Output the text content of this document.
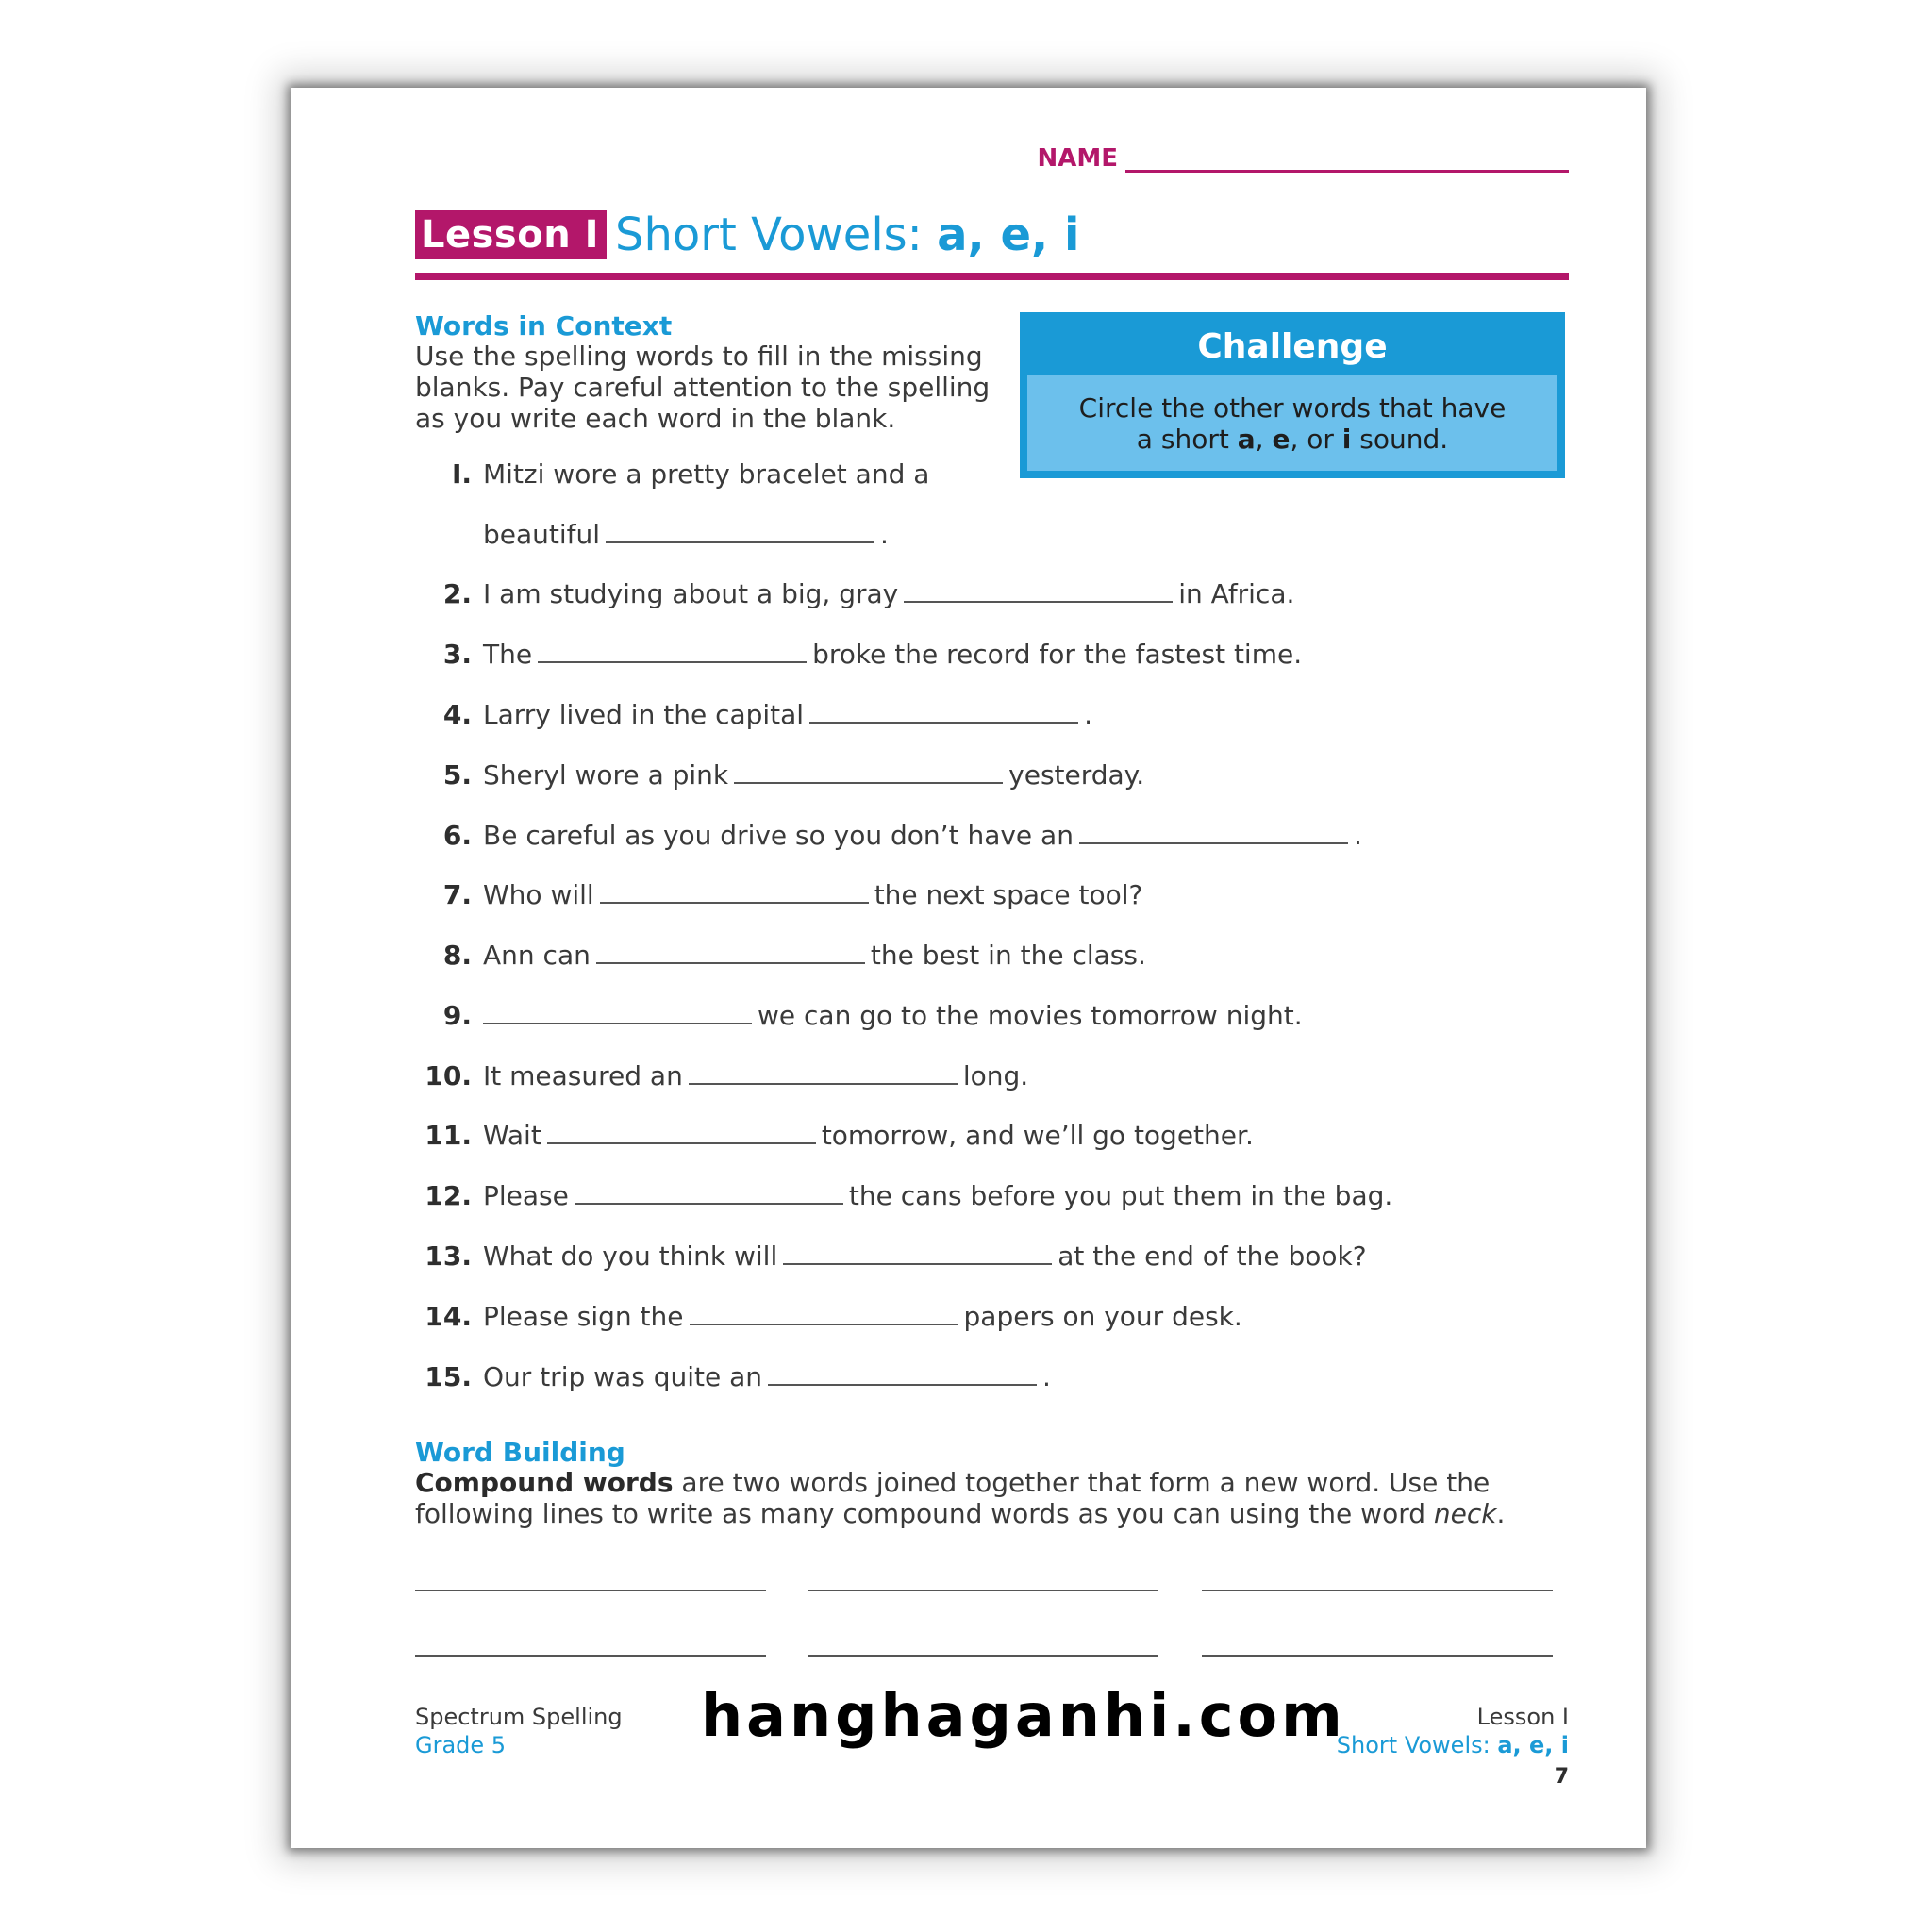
NAME
Lesson I Short Vowels: a, e, i
Words in Context
Use the spelling words to fill in the missing
blanks. Pay careful attention to the spelling
as you write each word in the blank.
Challenge
Circle the other words that have
a short a, e, or i sound.
I. Mitzi wore a pretty bracelet and a
beautiful	.
2. I am studying about a big, gray	in Africa.
3. The	broke the record for the fastest time.
4. Larry lived in the capital	.
5. Sheryl wore a pink	yesterday.
6. Be careful as you drive so you don’t have an	.
7. Who will	the next space tool?
8. Ann can	the best in the class.
9.	we can go to the movies tomorrow night.
10. It measured an	long.
11. Wait	tomorrow, and we’ll go together.
12. Please	the cans before you put them in the bag.
13. What do you think will	at the end of the book?
14. Please sign the	papers on your desk.
15. Our trip was quite an	.
Word Building
Compound words are two words joined together that form a new word. Use the
following lines to write as many compound words as you can using the word neck.
Spectrum Spelling
Grade 5
Lesson I
Short Vowels: a, e, i
7
hanghaganhi.com
